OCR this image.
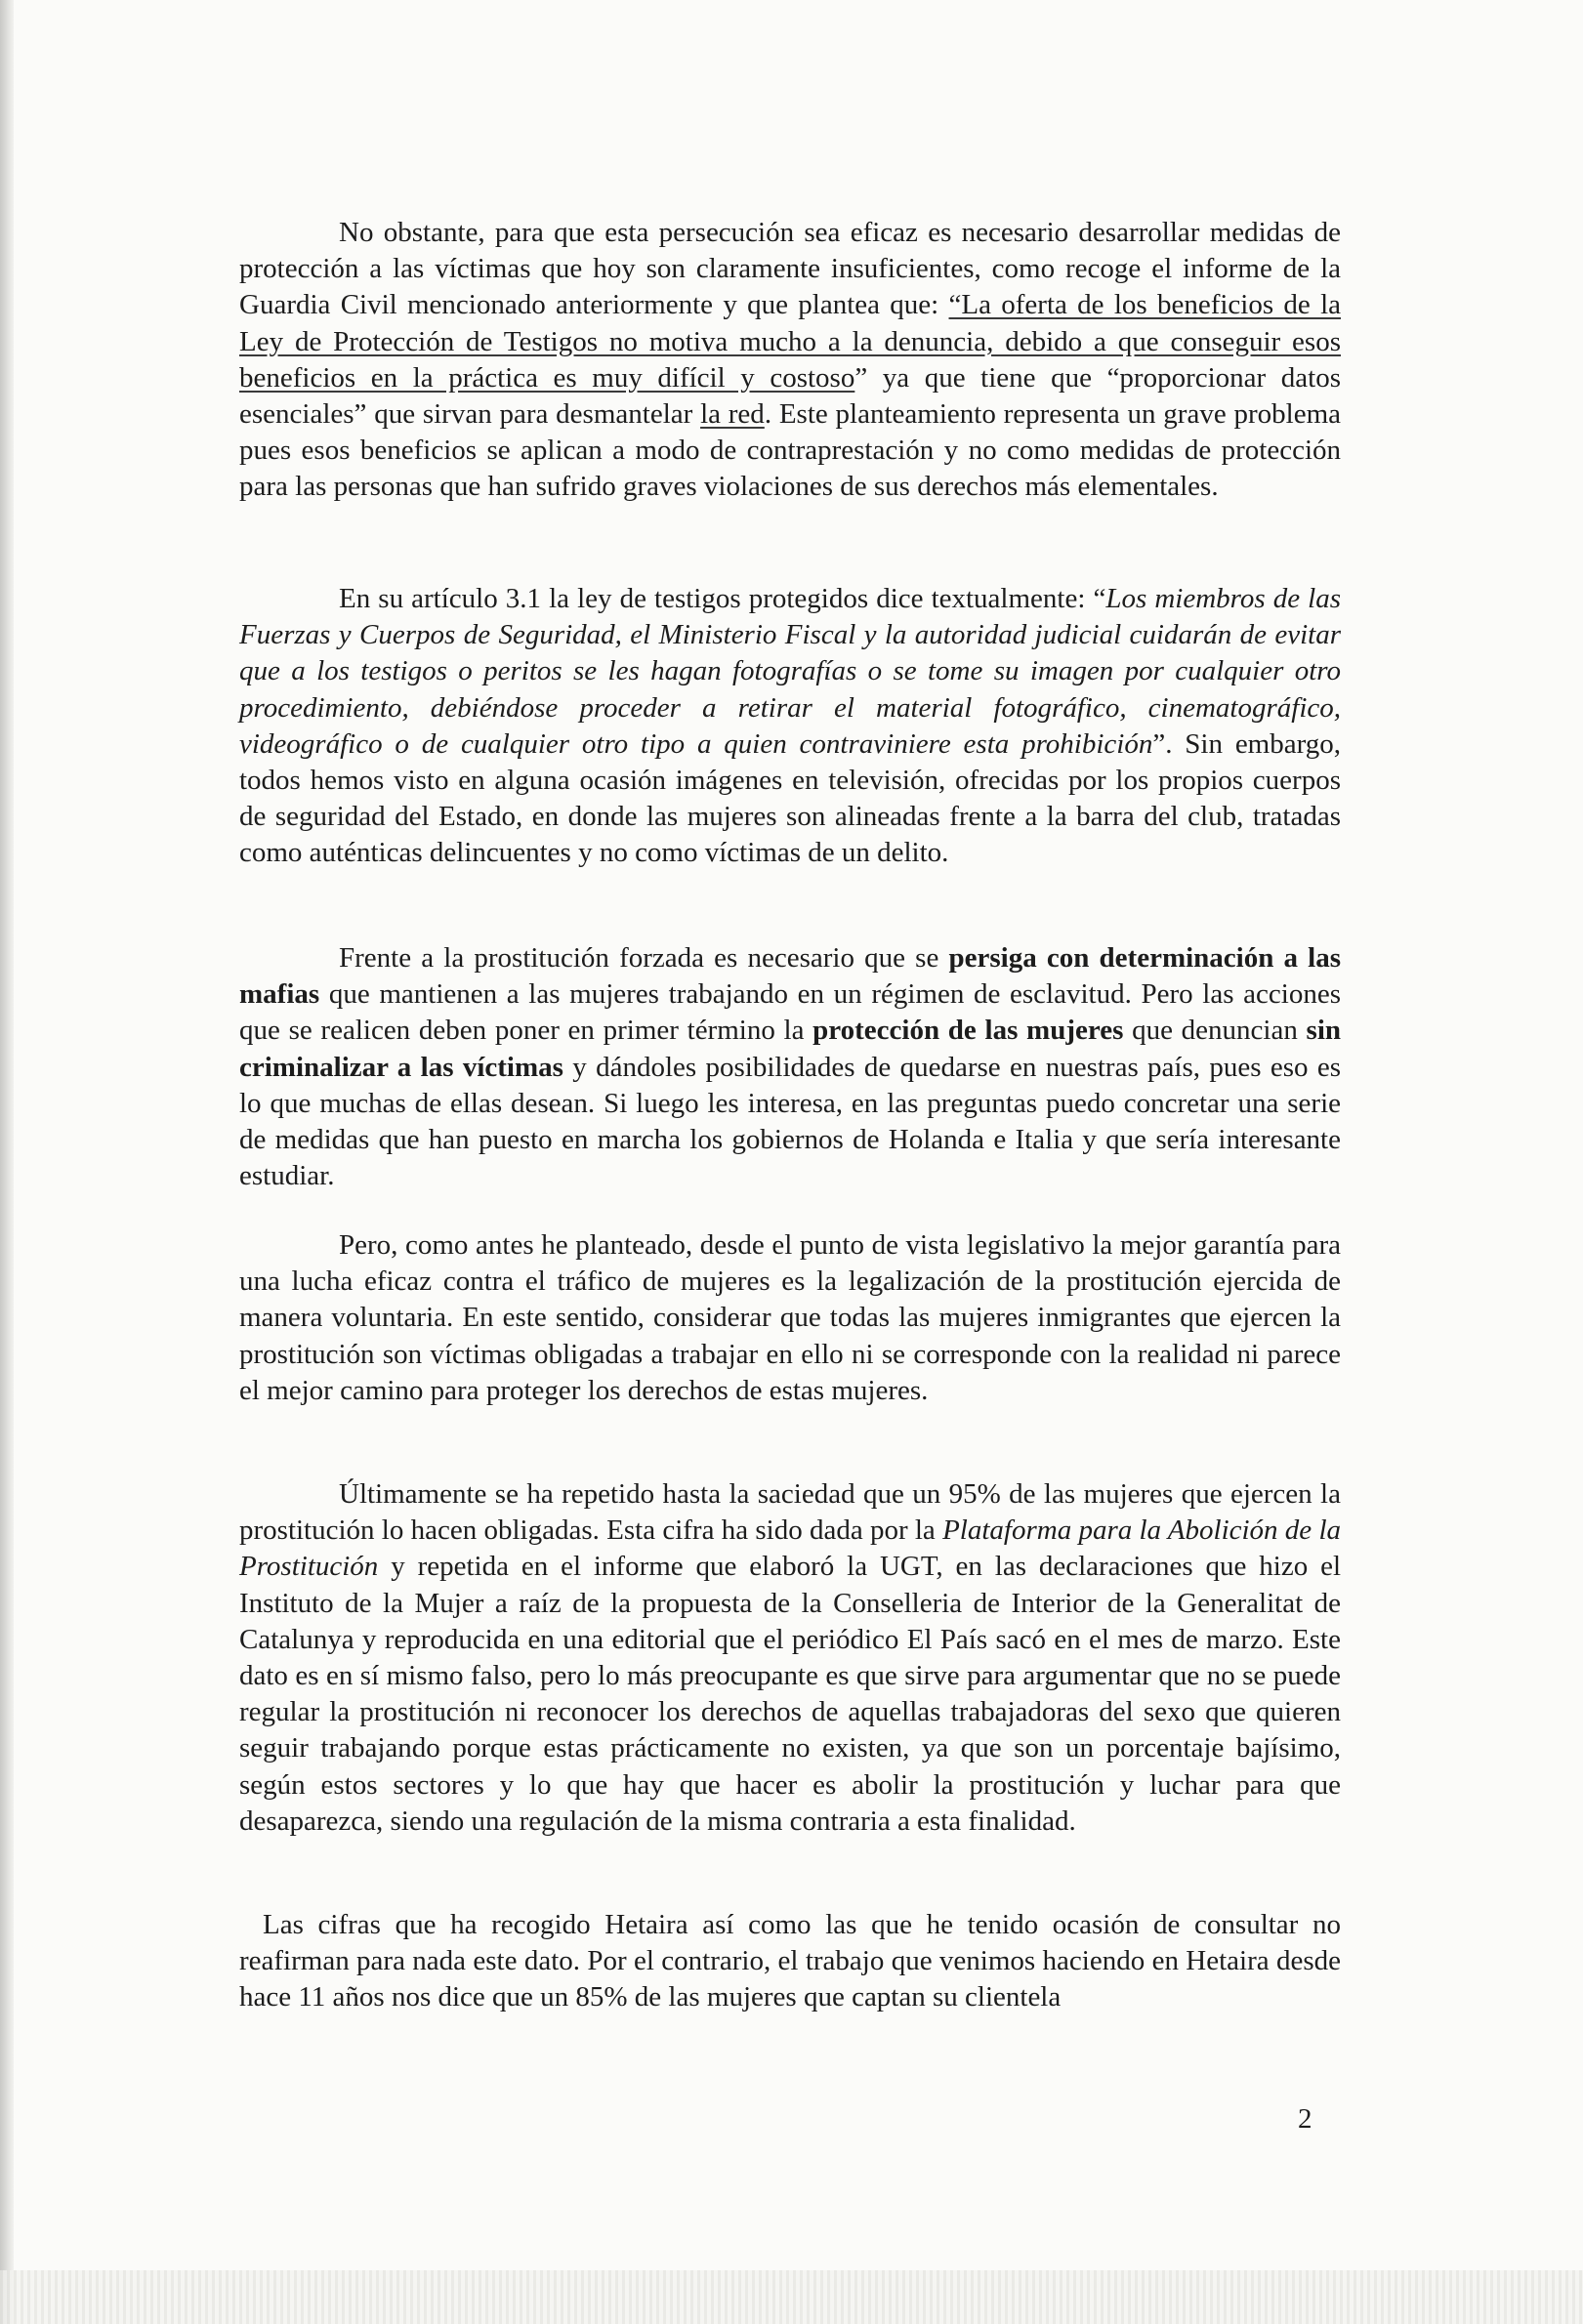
No obstante, para que esta persecución sea eficaz es necesario desarrollar medidas de protección a las víctimas que hoy son claramente insuficientes, como recoge el informe de la Guardia Civil mencionado anteriormente y que plantea que: “La oferta de los beneficios de la Ley de Protección de Testigos no motiva mucho a la denuncia, debido a que conseguir esos beneficios en la práctica es muy difícil y costoso” ya que tiene que “proporcionar datos esenciales” que sirvan para desmantelar la red. Este planteamiento representa un grave problema pues esos beneficios se aplican a modo de contraprestación y no como medidas de protección para las personas que han sufrido graves violaciones de sus derechos más elementales.

En su artículo 3.1 la ley de testigos protegidos dice textualmente: “Los miembros de las Fuerzas y Cuerpos de Seguridad, el Ministerio Fiscal y la autoridad judicial cuidarán de evitar que a los testigos o peritos se les hagan fotografías o se tome su imagen por cualquier otro procedimiento, debiéndose proceder a retirar el material fotográfico, cinematográfico, videográfico o de cualquier otro tipo a quien contraviniere esta prohibición”. Sin embargo, todos hemos visto en alguna ocasión imágenes en televisión, ofrecidas por los propios cuerpos de seguridad del Estado, en donde las mujeres son alineadas frente a la barra del club, tratadas como auténticas delincuentes y no como víctimas de un delito.

Frente a la prostitución forzada es necesario que se persiga con determinación a las mafias que mantienen a las mujeres trabajando en un régimen de esclavitud. Pero las acciones que se realicen deben poner en primer término la protección de las mujeres que denuncian sin criminalizar a las víctimas y dándoles posibilidades de quedarse en nuestras país, pues eso es lo que muchas de ellas desean. Si luego les interesa, en las preguntas puedo concretar una serie de medidas que han puesto en marcha los gobiernos de Holanda e Italia y que sería interesante estudiar.

Pero, como antes he planteado, desde el punto de vista legislativo la mejor garantía para una lucha eficaz contra el tráfico de mujeres es la legalización de la prostitución ejercida de manera voluntaria. En este sentido, considerar que todas las mujeres inmigrantes que ejercen la prostitución son víctimas obligadas a trabajar en ello ni se corresponde con la realidad ni parece el mejor camino para proteger los derechos de estas mujeres.

Últimamente se ha repetido hasta la saciedad que un 95% de las mujeres que ejercen la prostitución lo hacen obligadas. Esta cifra ha sido dada por la Plataforma para la Abolición de la Prostitución y repetida en el informe que elaboró la UGT, en las declaraciones que hizo el Instituto de la Mujer a raíz de la propuesta de la Conselleria de Interior de la Generalitat de Catalunya y reproducida en una editorial que el periódico El País sacó en el mes de marzo. Este dato es en sí mismo falso, pero lo más preocupante es que sirve para argumentar que no se puede regular la prostitución ni reconocer los derechos de aquellas trabajadoras del sexo que quieren seguir trabajando porque estas prácticamente no existen, ya que son un porcentaje bajísimo, según estos sectores y lo que hay que hacer es abolir la prostitución y luchar para que desaparezca, siendo una regulación de la misma contraria a esta finalidad.

Las cifras que ha recogido Hetaira así como las que he tenido ocasión de consultar no reafirman para nada este dato. Por el contrario, el trabajo que venimos haciendo en Hetaira desde hace 11 años nos dice que un 85% de las mujeres que captan su clientela

2
